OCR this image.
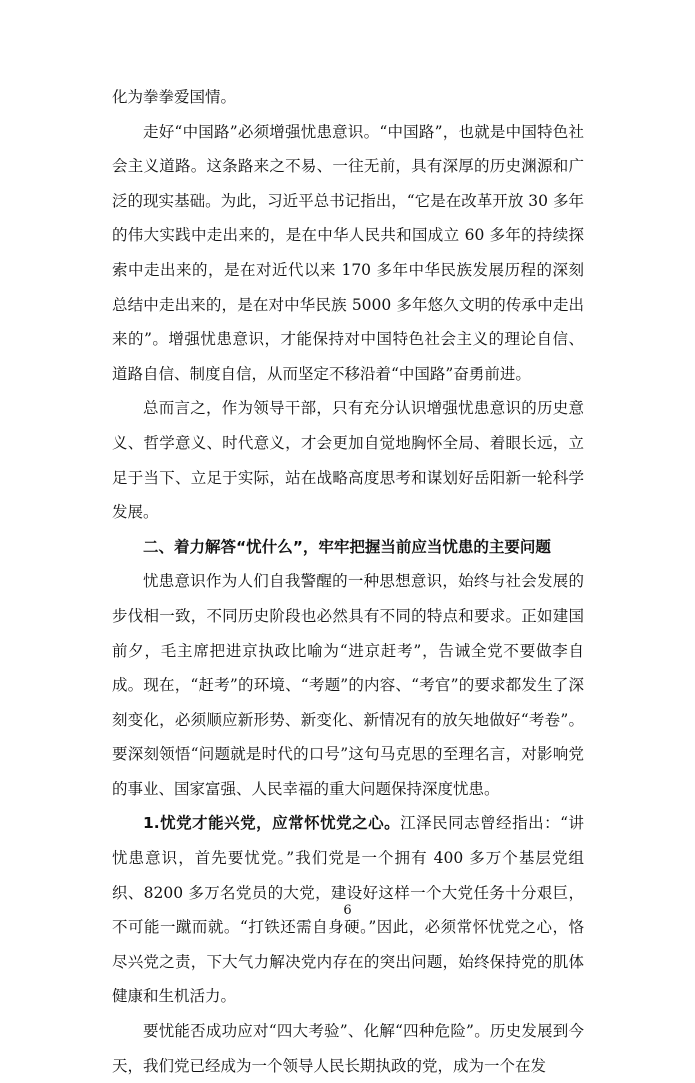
化为拳拳爱国情。

走好“中国路”必须增强忧患意识。“中国路”，也就是中国特色社会主义道路。这条路来之不易、一往无前，具有深厚的历史渊源和广泛的现实基础。为此，习近平总书记指出，“它是在改革开放 30 多年的伟大实践中走出来的，是在中华人民共和国成立 60 多年的持续探索中走出来的，是在对近代以来 170 多年中华民族发展历程的深刻总结中走出来的，是在对中华民族 5000 多年悠久文明的传承中走出来的”。增强忧患意识，才能保持对中国特色社会主义的理论自信、道路自信、制度自信，从而坚定不移沿着“中国路”奋勇前进。

总而言之，作为领导干部，只有充分认识增强忧患意识的历史意义、哲学意义、时代意义，才会更加自觉地胸怀全局、着眼长远，立足于当下、立足于实际，站在战略高度思考和谋划好岳阳新一轮科学发展。

二、着力解答“忧什么”，牢牢把握当前应当忧患的主要问题

忧患意识作为人们自我警醒的一种思想意识，始终与社会发展的步伐相一致，不同历史阶段也必然具有不同的特点和要求。正如建国前夕，毛主席把进京执政比喻为“进京赶考”，告诫全党不要做李自成。现在，“赶考”的环境、“考题”的内容、“考官”的要求都发生了深刻变化，必须顺应新形势、新变化、新情况有的放矢地做好“考卷”。要深刻领悟“问题就是时代的口号”这句马克思的至理名言，对影响党的事业、国家富强、人民幸福的重大问题保持深度忧患。

1.忧党才能兴党，应常怀忧党之心。江泽民同志曾经指出：“讲忧患意识，首先要忧党。”我们党是一个拥有 400 多万个基层党组织、8200 多万名党员的大党，建设好这样一个大党任务十分艰巨，不可能一蹴而就。“打铁还需自身硬。”因此，必须常怀忧党之心，恪尽兴党之责，下大气力解决党内存在的突出问题，始终保持党的肌体健康和生机活力。

要忧能否成功应对“四大考验”、化解“四种危险”。历史发展到今天，我们党已经成为一个领导人民长期执政的党，成为一个在发

6
